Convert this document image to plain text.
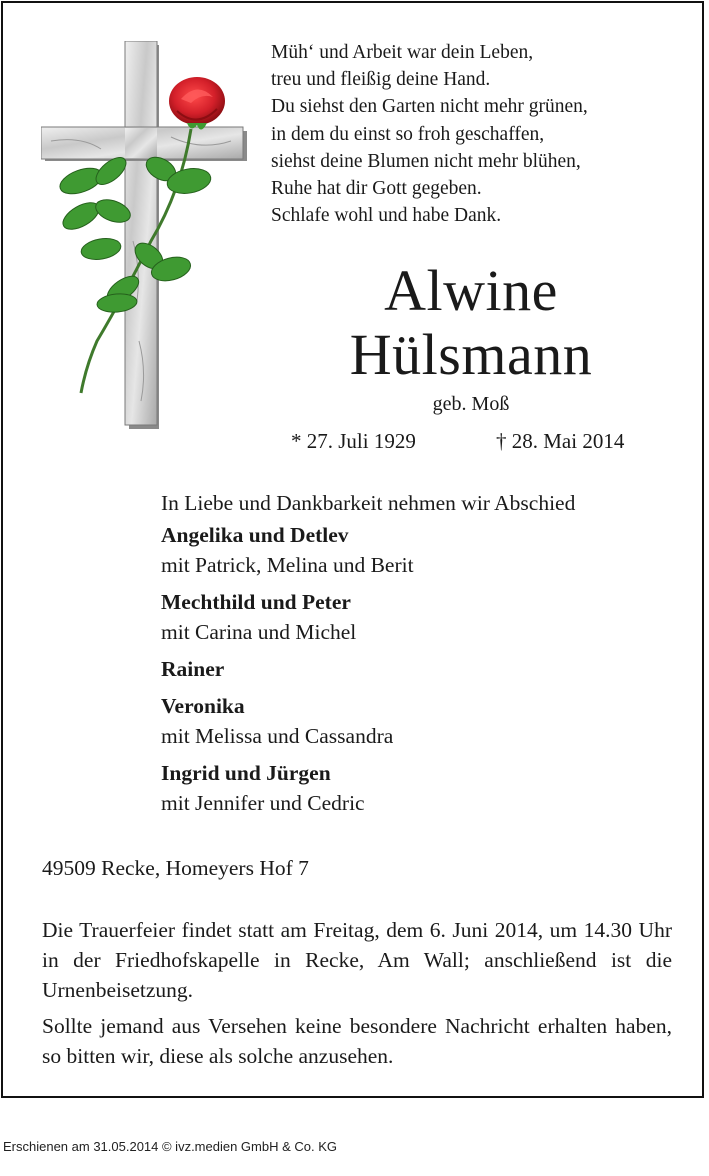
Müh‘ und Arbeit war dein Leben,
treu und fleißig deine Hand.
Du siehst den Garten nicht mehr grünen,
in dem du einst so froh geschaffen,
siehst deine Blumen nicht mehr blühen,
Ruhe hat dir Gott gegeben.
Schlafe wohl und habe Dank.
Alwine
Hülsmann
geb. Moß
* 27. Juli 1929	† 28. Mai 2014
In Liebe und Dankbarkeit nehmen wir Abschied
Angelika und Detlev
mit Patrick, Melina und Berit
Mechthild und Peter
mit Carina und Michel
Rainer
Veronika
mit Melissa und Cassandra
Ingrid und Jürgen
mit Jennifer und Cedric
49509 Recke, Homeyers Hof 7

Die Trauerfeier findet statt am Freitag, dem 6. Juni 2014, um 14.30 Uhr in der Friedhofskapelle in Recke, Am Wall; anschließend ist die Urnenbeisetzung.

Sollte jemand aus Versehen keine besondere Nachricht erhalten haben, so bitten wir, diese als solche anzusehen.

Erschienen am 31.05.2014 © ivz.medien GmbH & Co. KG
